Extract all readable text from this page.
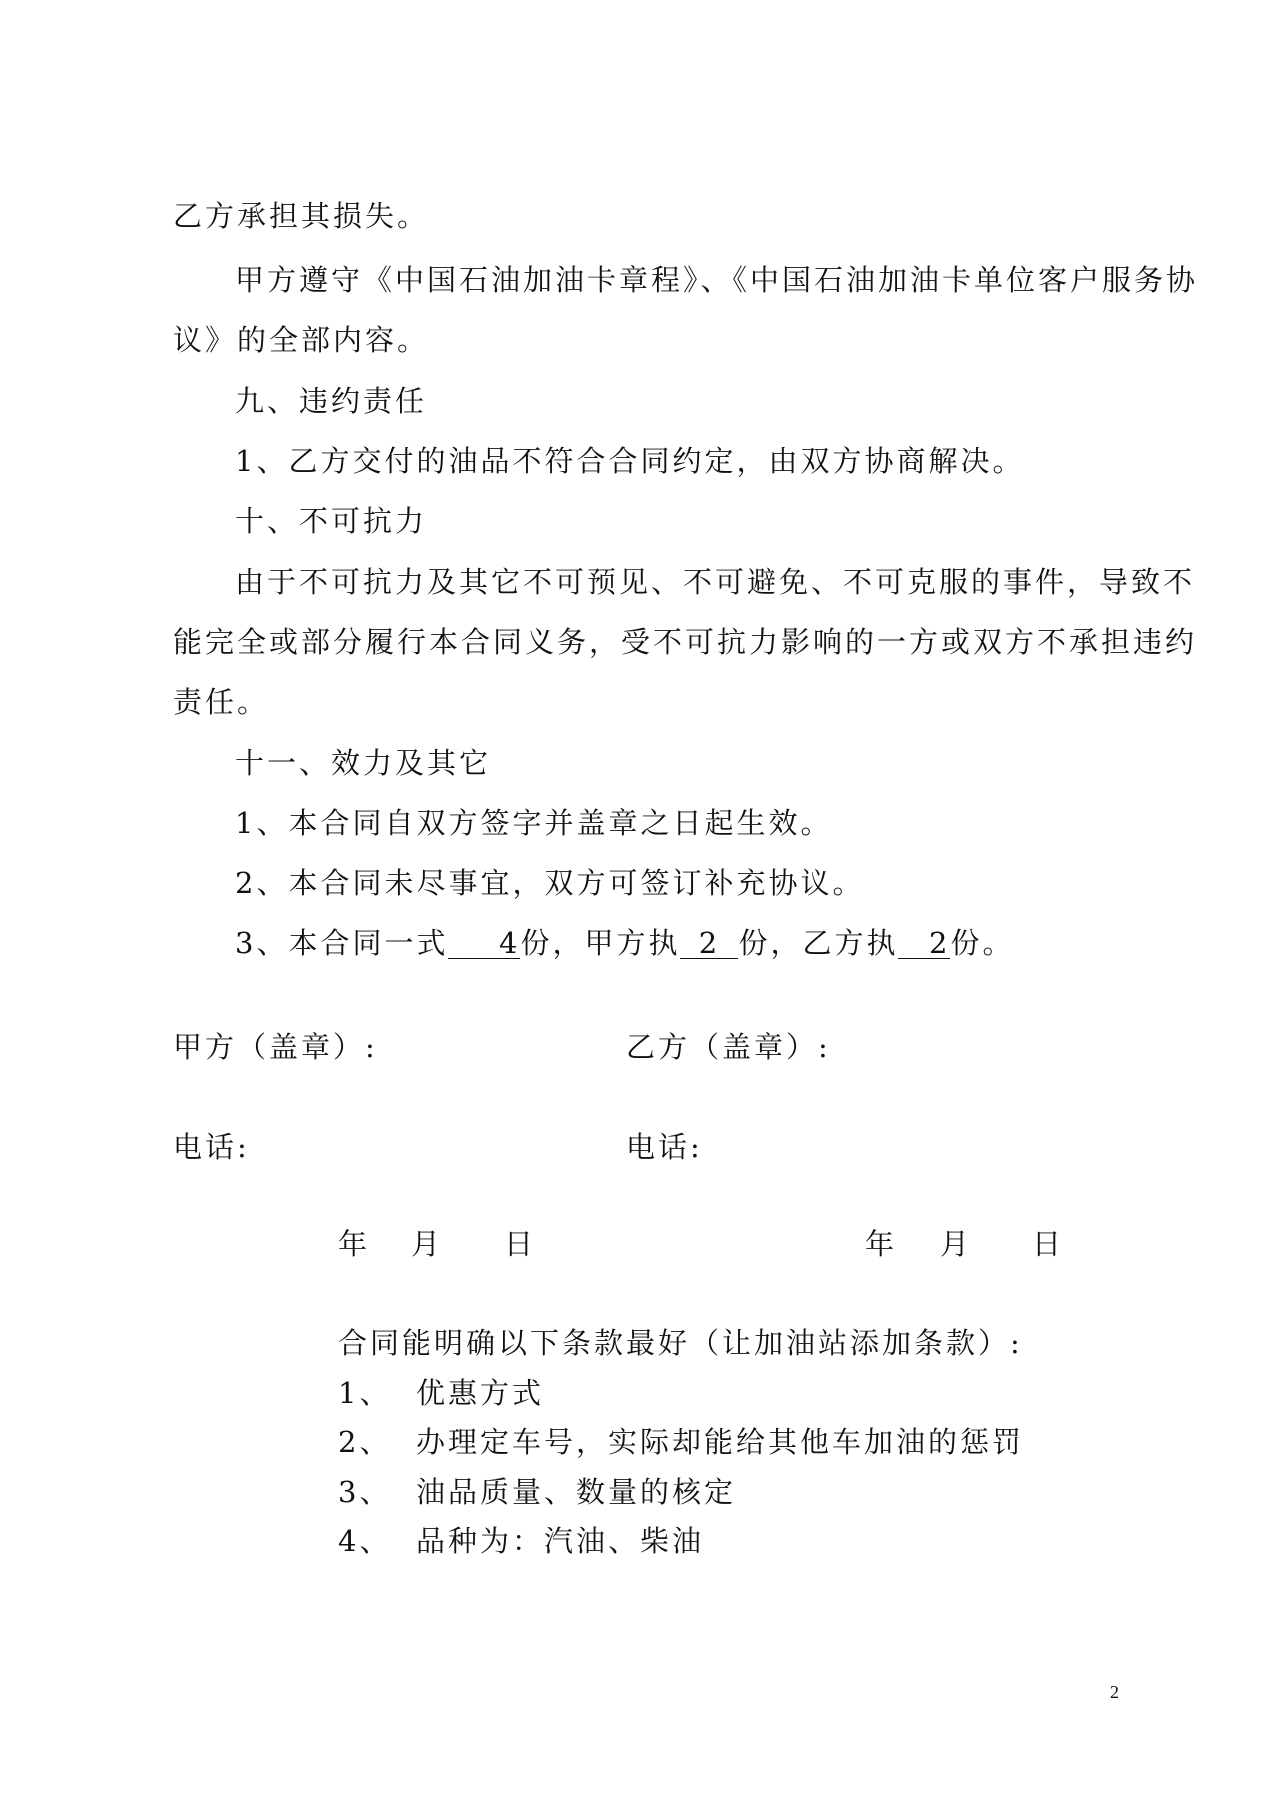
乙方承担其损失。
甲方遵守《中国石油加油卡章程》、《中国石油加油卡单位客户服务协
议》的全部内容。
九、违约责任
1、乙方交付的油品不符合合同约定，由双方协商解决。
十、不可抗力
由于不可抗力及其它不可预见、不可避免、不可克服的事件，导致不
能完全或部分履行本合同义务，受不可抗力影响的一方或双方不承担违约
责任。
十一、效力及其它
1、本合同自双方签字并盖章之日起生效。
2、本合同未尽事宜，双方可签订补充协议。
3、本合同一式 4份，甲方执 2 份，乙方执 2份。
甲方（盖章）:	乙方（盖章）:
电话:	电话:
年 月 日	年 月 日
合同能明确以下条款最好（让加油站添加条款）:
1、 优惠方式
2、 办理定车号，实际却能给其他车加油的惩罚
3、 油品质量、数量的核定
4、 品种为：汽油、柴油
2
